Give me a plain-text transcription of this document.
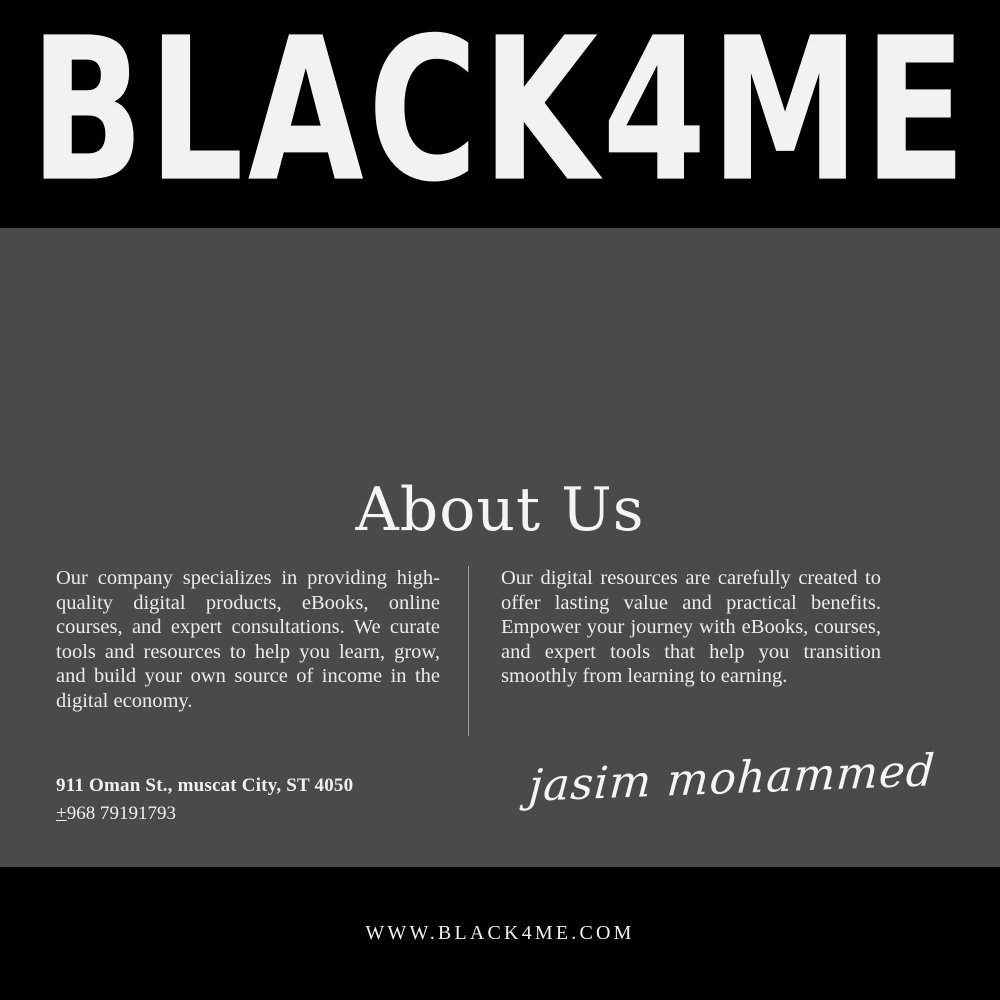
BLACK4ME
About Us

Our company specializes in providing high-quality digital products, eBooks, online courses, and expert consultations. We curate tools and resources to help you learn, grow, and build your own source of income in the digital economy.

Our digital resources are carefully created to offer lasting value and practical benefits. Empower your journey with eBooks, courses, and expert tools that help you transition smoothly from learning to earning.

911 Oman St., muscat City, ST 4050
+968 79191793
jasim mohammed
WWW.BLACK4ME.COM
